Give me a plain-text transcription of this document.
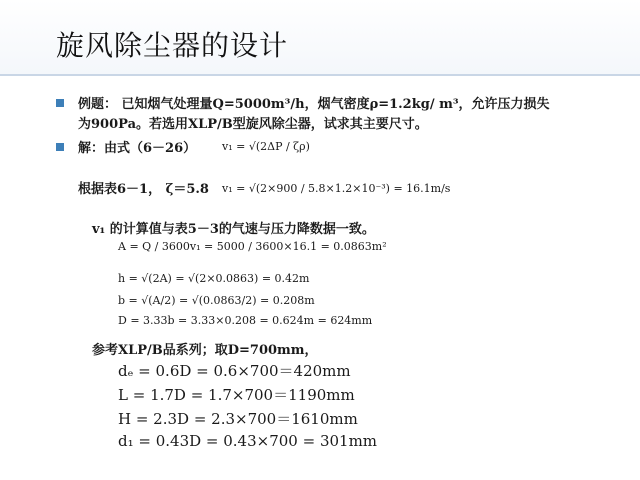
旋风除尘器的设计
例题： 已知烟气处理量Q=5000m³/h，烟气密度ρ=1.2kg/ m³，允许压力损失
为900Pa。若选用XLP/B型旋风除尘器，试求其主要尺寸。
解：由式（6－26） v₁ = √(2ΔP / ζρ)
根据表6－1， ζ＝5.8 v₁ = √(2×900 / 5.8×1.2×10⁻³) = 16.1m/s
v₁ 的计算值与表5－3的气速与压力降数据一致。
A = Q / 3600v₁ = 5000 / 3600×16.1 = 0.0863m²
h = √(2A) = √(2×0.0863) = 0.42m
b = √(A/2) = √(0.0863/2) = 0.208m
D = 3.33b = 3.33×0.208 = 0.624m = 624mm
参考XLP/B品系列；取D=700mm，
dₑ = 0.6D = 0.6×700＝420mm
L = 1.7D = 1.7×700＝1190mm
H = 2.3D = 2.3×700＝1610mm
d₁ = 0.43D = 0.43×700 = 301mm
